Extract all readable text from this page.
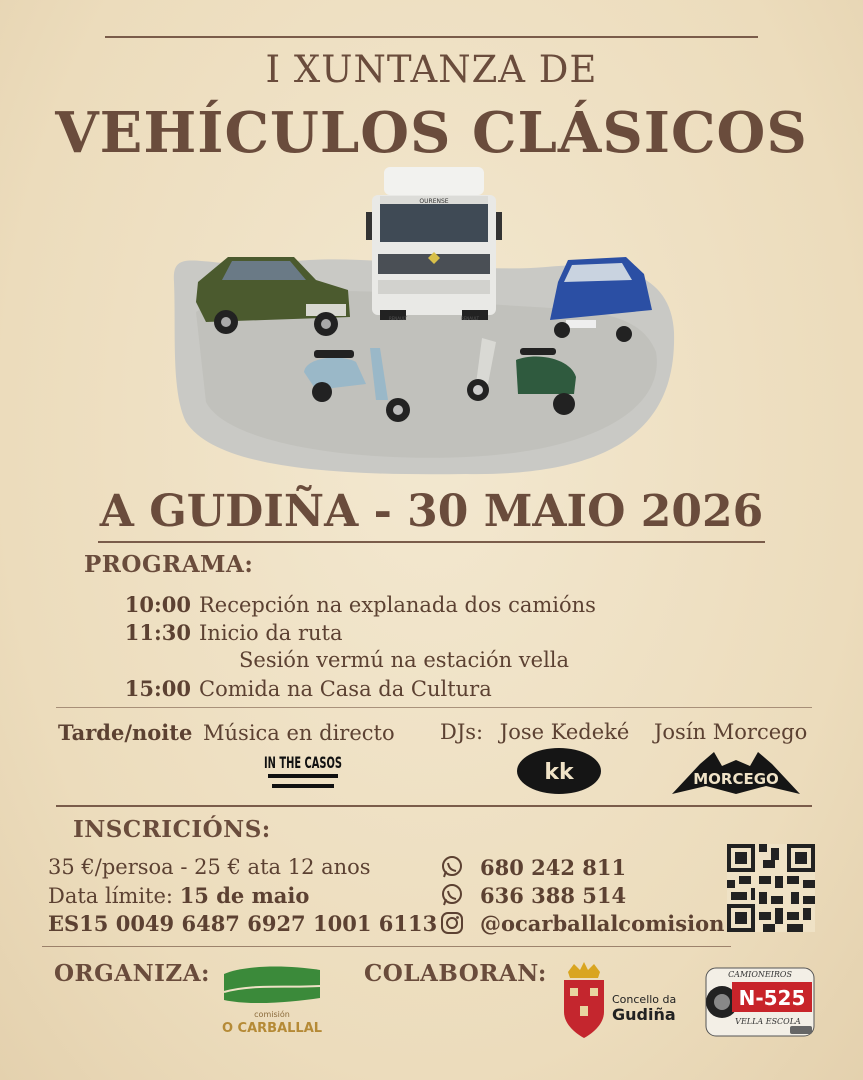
I XUNTANZA DE
VEHÍCULOS CLÁSICOS
OURENSE
RENAULT	RENAULT
A GUDIÑA - 30 MAIO 2026
PROGRAMA:
10:00 Recepción na explanada dos camións
11:30 Inicio da ruta
Sesión vermú na estación vella
15:00 Comida na Casa da Cultura
Tarde/noite Música en directo DJs: Jose Kedeké Josín Morcego
IN THE CASOS	kk	MORCEGO
INSCRICIÓNS:
35 €/persoa - 25 € ata 12 anos
Data límite: 15 de maio
ES15 0049 6487 6927 1001 6113
680 242 811
636 388 514
@ocarballalcomision
ORGANIZA:	COLABORAN:
comisión
O CARBALLAL
Concello da
Gudiña
CAMIONEIROS
N-525
VELLA ESCOLA
